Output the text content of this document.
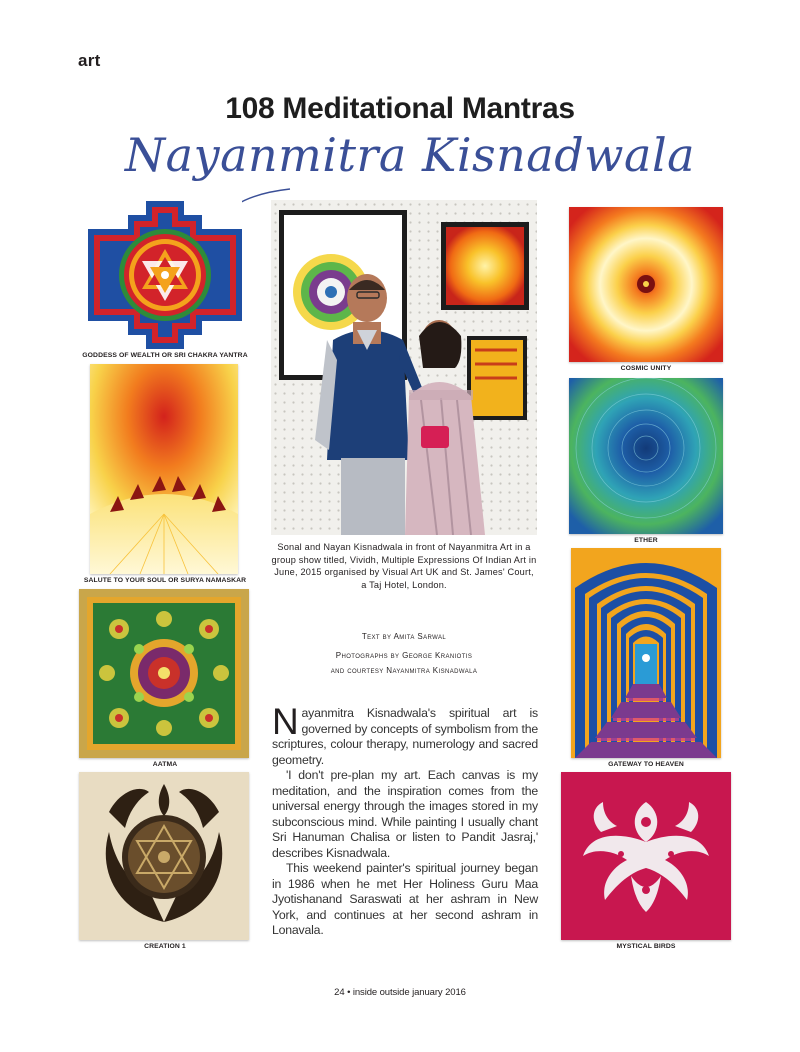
art
108 Meditational Mantras
Nayanmitra Kisnadwala
GODDESS OF WEALTH OR SRI CHAKRA YANTRA
SALUTE TO YOUR SOUL OR SURYA NAMASKAR
AATMA
CREATION 1
Sonal and Nayan Kisnadwala in front of Nayanmitra Art in a group show titled, Vividh, Multiple Expressions Of Indian Art in June, 2015 organised by Visual Art UK and St. James' Court, a Taj Hotel, London.
Text by Amita Sarwal
Photographs by George Kraniotis
and courtesy Nayanmitra Kisnadwala

Nayanmitra Kisnadwala's spiritual art is governed by concepts of symbolism from the scriptures, colour therapy, numerology and sacred geometry.

'I don't pre-plan my art. Each canvas is my meditation, and the inspiration comes from the universal energy through the images stored in my subconscious mind. While painting I usually chant Sri Hanuman Chalisa or listen to Pandit Jasraj,' describes Kisnadwala.

This weekend painter's spiritual journey began in 1986 when he met Her Holiness Guru Maa Jyotishanand Saraswati at her ashram in New York, and continues at her second ashram in Lonavala.

COSMIC UNITY
ETHER
GATEWAY TO HEAVEN
MYSTICAL BIRDS
24 • inside outside january 2016
